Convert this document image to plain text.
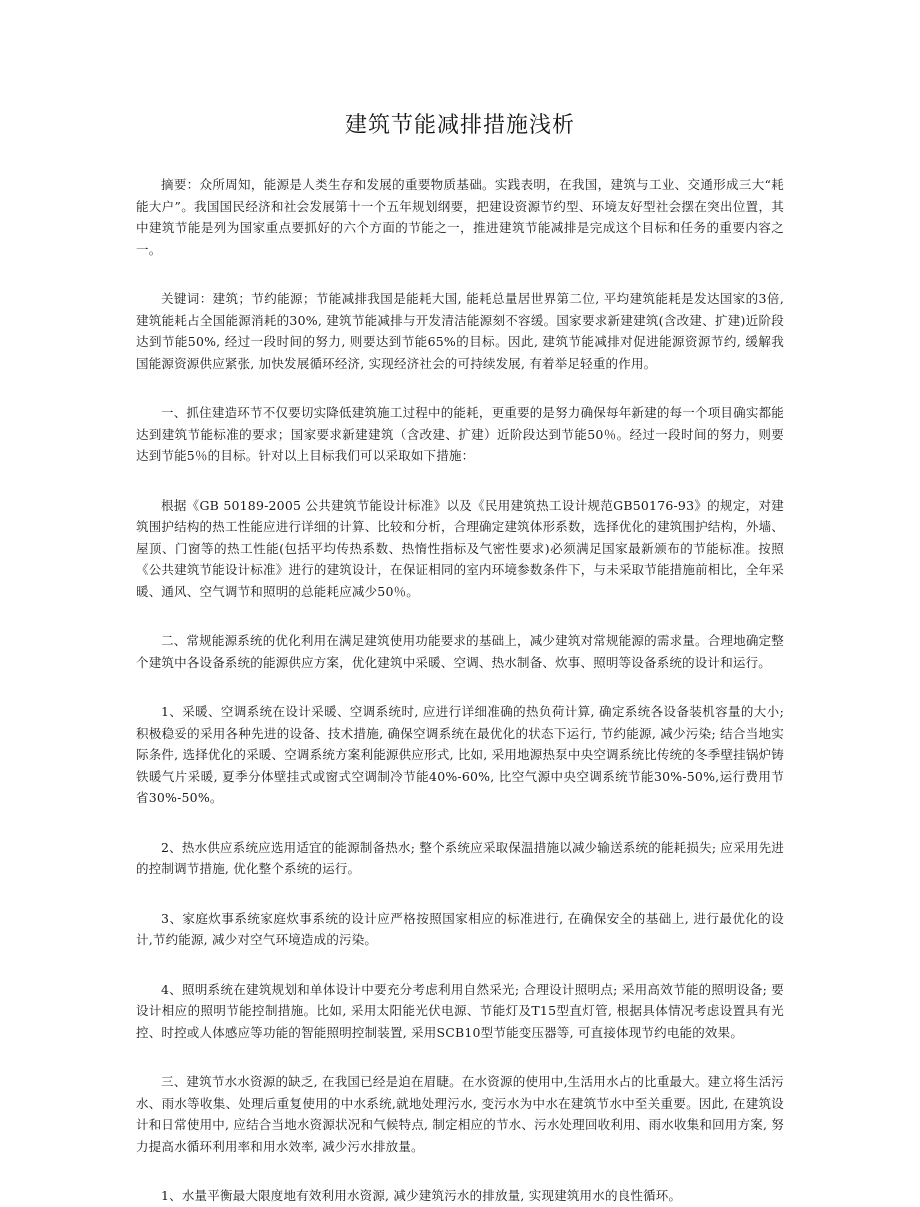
建筑节能减排措施浅析

摘要：众所周知，能源是人类生存和发展的重要物质基础。实践表明，在我国，建筑与工业、交通形成三大“耗能大户”。我国国民经济和社会发展第十一个五年规划纲要，把建设资源节约型、环境友好型社会摆在突出位置，其中建筑节能是列为国家重点要抓好的六个方面的节能之一，推进建筑节能减排是完成这个目标和任务的重要内容之一。

关键词：建筑；节约能源；节能减排我国是能耗大国, 能耗总量居世界第二位, 平均建筑能耗是发达国家的3倍, 建筑能耗占全国能源消耗的30%, 建筑节能减排与开发清洁能源刻不容缓。国家要求新建建筑(含改建、扩建)近阶段达到节能50%, 经过一段时间的努力, 则要达到节能65%的目标。因此, 建筑节能减排对促进能源资源节约, 缓解我国能源资源供应紧张, 加快发展循环经济, 实现经济社会的可持续发展, 有着举足轻重的作用。

一、抓住建造环节不仅要切实降低建筑施工过程中的能耗，更重要的是努力确保每年新建的每一个项目确实都能达到建筑节能标准的要求；国家要求新建建筑（含改建、扩建）近阶段达到节能50％。经过一段时间的努力，则要达到节能5％的目标。针对以上目标我们可以采取如下措施：

根据《GB 50189-2005 公共建筑节能设计标准》以及《民用建筑热工设计规范GB50176-93》的规定，对建筑围护结构的热工性能应进行详细的计算、比较和分析，合理确定建筑体形系数，选择优化的建筑围护结构，外墙、屋顶、门窗等的热工性能(包括平均传热系数、热惰性指标及气密性要求)必须满足国家最新颁布的节能标准。按照《公共建筑节能设计标准》进行的建筑设计，在保证相同的室内环境参数条件下，与未采取节能措施前相比，全年采暖、通风、空气调节和照明的总能耗应减少50％。

二、常规能源系统的优化利用在满足建筑使用功能要求的基础上，减少建筑对常规能源的需求量。合理地确定整个建筑中各设备系统的能源供应方案，优化建筑中采暖、空调、热水制备、炊事、照明等设备系统的设计和运行。

1、采暖、空调系统在设计采暖、空调系统时, 应进行详细准确的热负荷计算, 确定系统各设备装机容量的大小; 积极稳妥的采用各种先进的设备、技术措施, 确保空调系统在最优化的状态下运行, 节约能源, 减少污染; 结合当地实际条件, 选择优化的采暖、空调系统方案利能源供应形式, 比如, 采用地源热泵中央空调系统比传统的冬季壁挂锅炉铸铁暖气片采暖, 夏季分体壁挂式或窗式空调制冷节能40%-60%, 比空气源中央空调系统节能30%-50%,运行费用节省30%-50%。

2、热水供应系统应选用适宜的能源制备热水; 整个系统应采取保温措施以减少输送系统的能耗损失; 应采用先进的控制调节措施, 优化整个系统的运行。

3、家庭炊事系统家庭炊事系统的设计应严格按照国家相应的标准进行, 在确保安全的基础上, 进行最优化的设计,节约能源, 减少对空气环境造成的污染。

4、照明系统在建筑规划和单体设计中要充分考虑利用自然采光; 合理设计照明点; 采用高效节能的照明设备; 要设计相应的照明节能控制措施。比如, 采用太阳能光伏电源、节能灯及T15型直灯管, 根据具体情况考虑设置具有光控、时控或人体感应等功能的智能照明控制装置, 采用SCB10型节能变压器等, 可直接体现节约电能的效果。

三、建筑节水水资源的缺乏, 在我国已经是迫在眉睫。在水资源的使用中,生活用水占的比重最大。建立将生活污水、雨水等收集、处理后重复使用的中水系统,就地处理污水, 变污水为中水在建筑节水中至关重要。因此, 在建筑设计和日常使用中, 应结合当地水资源状况和气候特点, 制定相应的节水、污水处理回收利用、雨水收集和回用方案, 努力提高水循环利用率和用水效率, 减少污水排放量。

1、水量平衡最大限度地有效利用水资源, 减少建筑污水的排放量, 实现建筑用水的良性循环。
